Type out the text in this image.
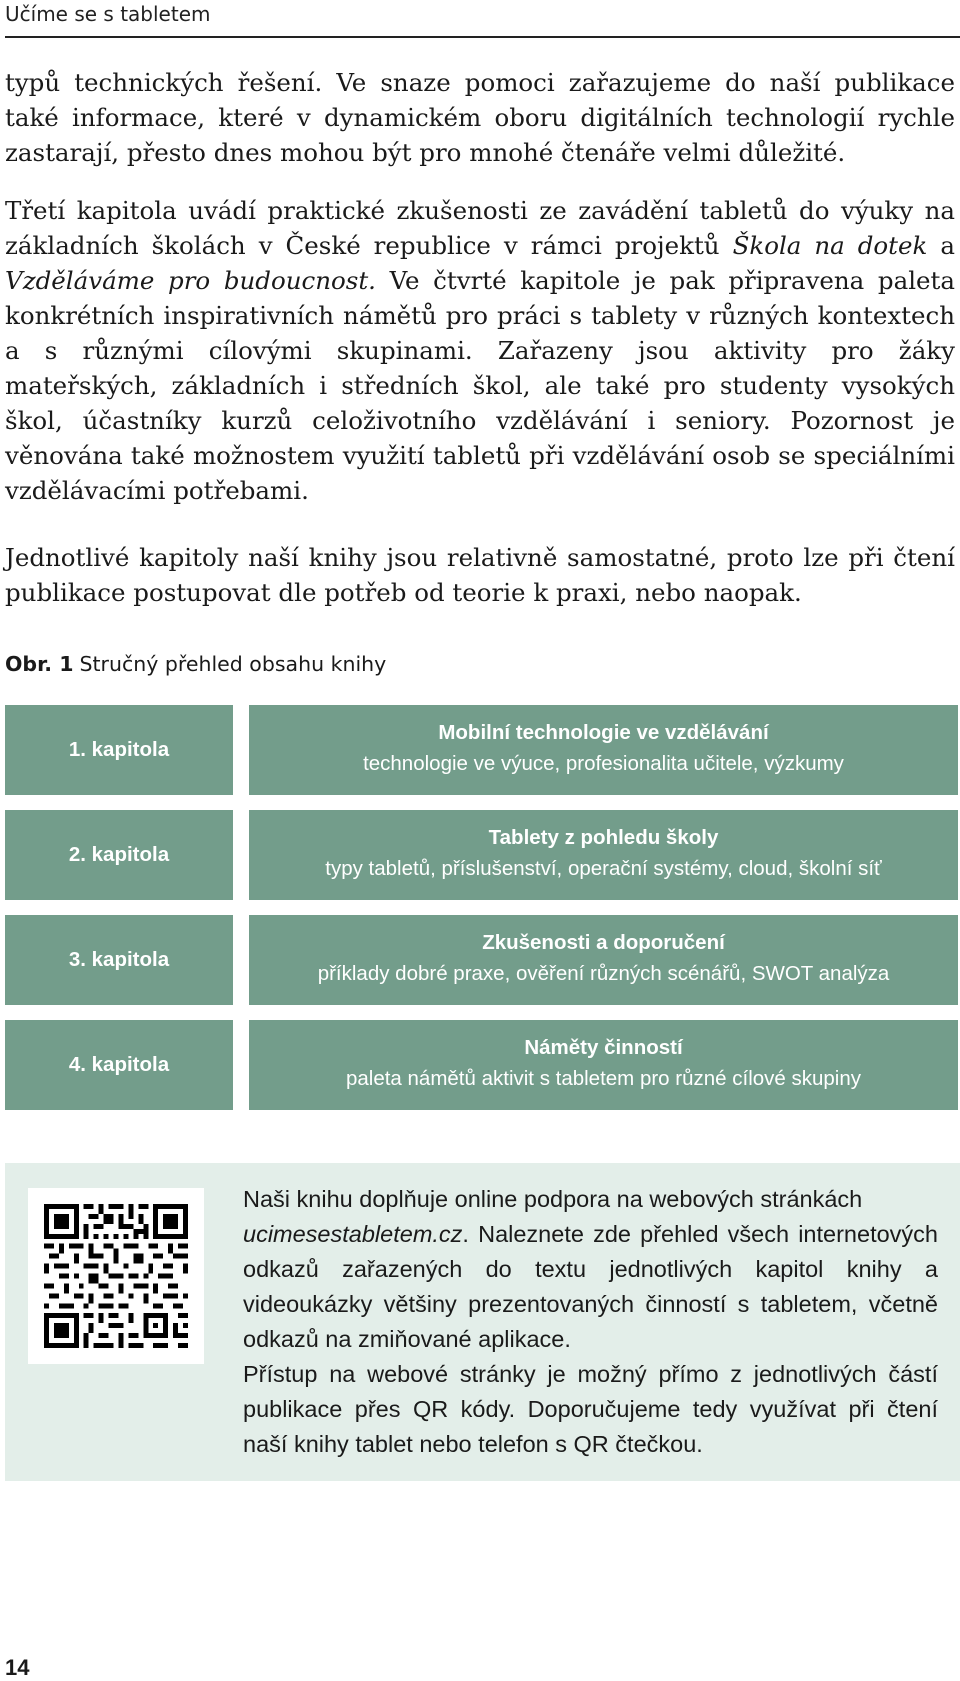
Učíme se s tabletem

typů technických řešení. Ve snaze pomoci zařazujeme do naší publikace také informace, které v dynamickém oboru digitálních technologií rychle zastarají, přesto dnes mohou být pro mnohé čtenáře velmi důležité.

Třetí kapitola uvádí praktické zkušenosti ze zavádění tabletů do výuky na základních školách v České republice v rámci projektů Škola na dotek a Vzděláváme pro budoucnost. Ve čtvrté kapitole je pak připravena paleta konkrétních inspirativních námětů pro práci s tablety v různých kontextech a s různými cílovými skupinami. Zařazeny jsou aktivity pro žáky mateřských, základních i středních škol, ale také pro studenty vysokých škol, účastníky kurzů celoživotního vzdělávání i seniory. Pozornost je věnována také možnostem využití tabletů při vzdělávání osob se speciálními vzdělávacími potřebami.

Jednotlivé kapitoly naší knihy jsou relativně samostatné, proto lze při čtení publikace postupovat dle potřeb od teorie k praxi, nebo naopak.

Obr. 1 Stručný přehled obsahu knihy
1. kapitola
Mobilní technologie ve vzdělávání
technologie ve výuce, profesionalita učitele, výzkumy
2. kapitola
Tablety z pohledu školy
typy tabletů, příslušenství, operační systémy, cloud, školní síť
3. kapitola
Zkušenosti a doporučení
příklady dobré praxe, ověření různých scénářů, SWOT analýza
4. kapitola
Náměty činností
paleta námětů aktivit s tabletem pro různé cílové skupiny

Naši knihu doplňuje online podpora na webových stránkách
ucimesestabletem.cz. Naleznete zde přehled všech internetových odkazů zařazených do textu jednotlivých kapitol knihy a videoukázky většiny prezentovaných činností s tabletem, včetně odkazů na zmiňované aplikace.
Přístup na webové stránky je možný přímo z jednotlivých částí publikace přes QR kódy. Doporučujeme tedy využívat při čtení naší knihy tablet nebo telefon s QR čtečkou.

14
